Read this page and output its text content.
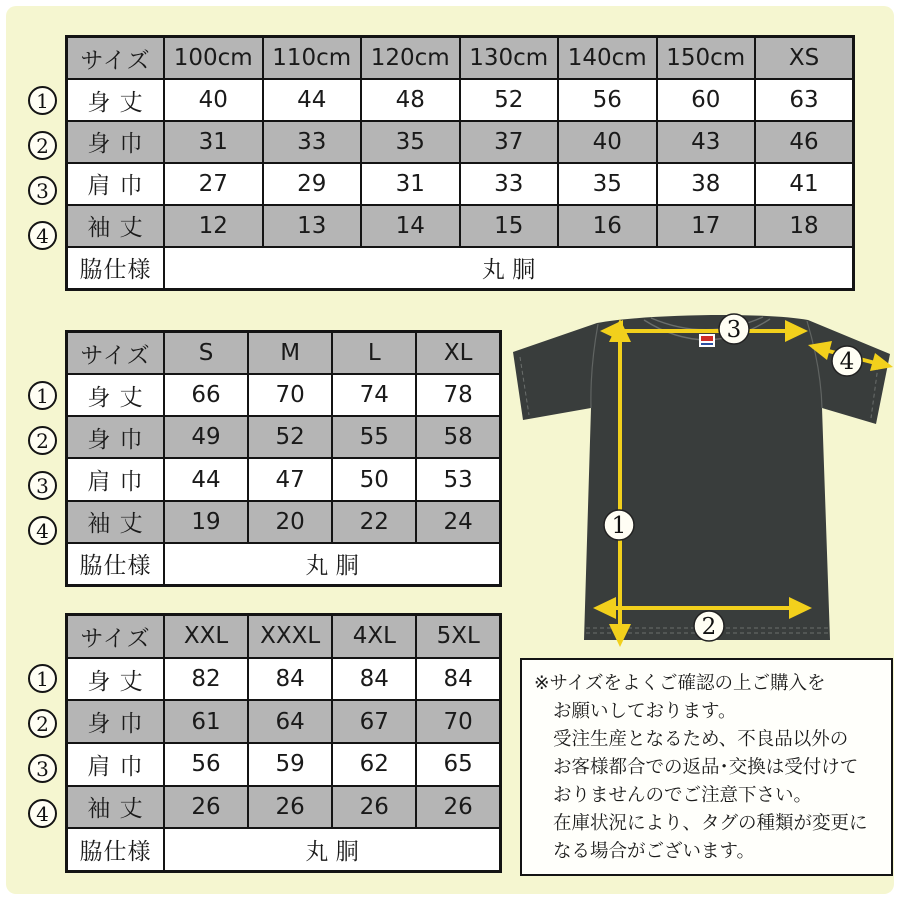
1
2
3
4
1
2
3
4
1
2
3
4
サイズ	100cm	110cm	120cm	130cm	140cm	150cm	XS
身 丈	40	44	48	52	56	60	63
身 巾	31	33	35	37	40	43	46
肩 巾	27	29	31	33	35	38	41
袖 丈	12	13	14	15	16	17	18
脇仕様	丸 胴						
サイズ	S	M	L	XL
身 丈	66	70	74	78
身 巾	49	52	55	58
肩 巾	44	47	50	53
袖 丈	19	20	22	24
脇仕様	丸 胴			
サイズ	XXL	XXXL	4XL	5XL
身 丈	82	84	84	84
身 巾	61	64	67	70
肩 巾	56	59	62	65
袖 丈	26	26	26	26
脇仕様	丸 胴			
3
4
1
2
※サイズをよくご確認の上ご購入を
お願いしております。
受注生産となるため、不良品以外の
お客様都合での返品･交換は受付けて
おりませんのでご注意下さい。
在庫状況により、タグの種類が変更に
なる場合がございます。
